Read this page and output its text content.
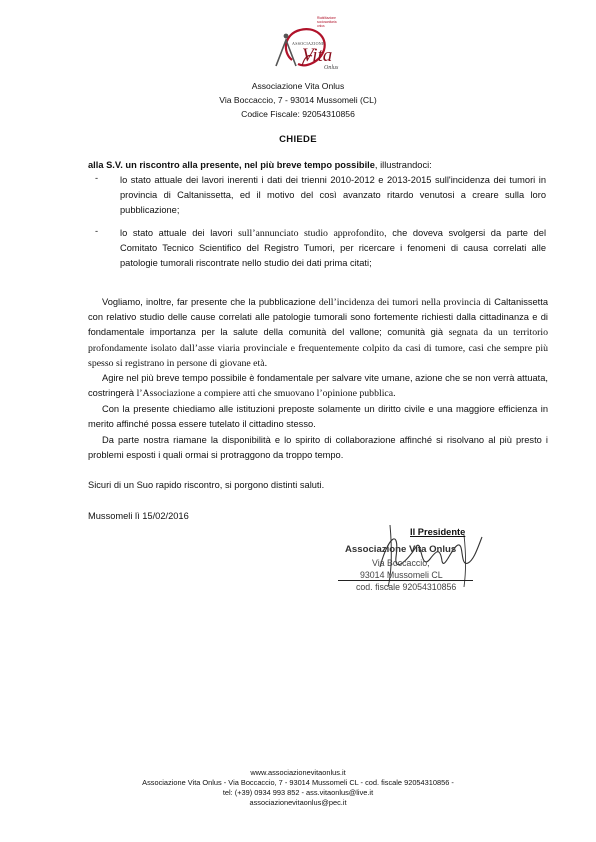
Riabilitazione
sociosanitaria
onlus
ASSOCIAZIONE
Vita
Onlus
Associazione Vita Onlus
Via Boccaccio, 7 - 93014 Mussomeli (CL)
Codice Fiscale: 92054310856
CHIEDE
alla S.V. un riscontro alla presente, nel più breve tempo possibile, illustrandoci:
-	lo stato attuale dei lavori inerenti i dati dei trienni 2010-2012 e 2013-2015 sull'incidenza dei tumori in provincia di Caltanissetta, ed il motivo del così avanzato ritardo venutosi a creare sulla loro pubblicazione;
-	lo stato attuale dei lavori sull’annunciato studio approfondito, che doveva svolgersi da parte del Comitato Tecnico Scientifico del Registro Tumori, per ricercare i fenomeni di causa correlati alle patologie tumorali riscontrate nello studio dei dati prima citati;
Vogliamo, inoltre, far presente che la pubblicazione dell’incidenza dei tumori nella provincia di Caltanissetta con relativo studio delle cause correlati alle patologie tumorali sono fortemente richiesti dalla cittadinanza e di fondamentale importanza per la salute della comunità del vallone; comunità già segnata da un territorio profondamente isolato dall’asse viaria provinciale e frequentemente colpito da casi di tumore, casi che sempre più spesso si registrano in persone di giovane età.
Agire nel più breve tempo possibile è fondamentale per salvare vite umane, azione che se non verrà attuata, costringerà l’Associazione a compiere atti che smuovano l’opinione pubblica.
Con la presente chiediamo alle istituzioni preposte solamente un diritto civile e una maggiore efficienza in merito affinché possa essere tutelato il cittadino stesso.
Da parte nostra riamane la disponibilità e lo spirito di collaborazione affinché si risolvano al più presto i problemi esposti i quali ormai si protraggono da troppo tempo.
Sicuri di un Suo rapido riscontro, si porgono distinti saluti.
Mussomeli lì 15/02/2016
Il Presidente
Associazione Vita Onlus
Via Boccaccio,
93014 Mussomeli CL
cod. fiscale 92054310856
www.associazionevitaonlus.it
Associazione Vita Onlus - Via Boccaccio, 7 - 93014 Mussomeli CL - cod. fiscale 92054310856 -
tel: (+39) 0934 993 852 - ass.vitaonlus@live.it
associazionevitaonlus@pec.it
